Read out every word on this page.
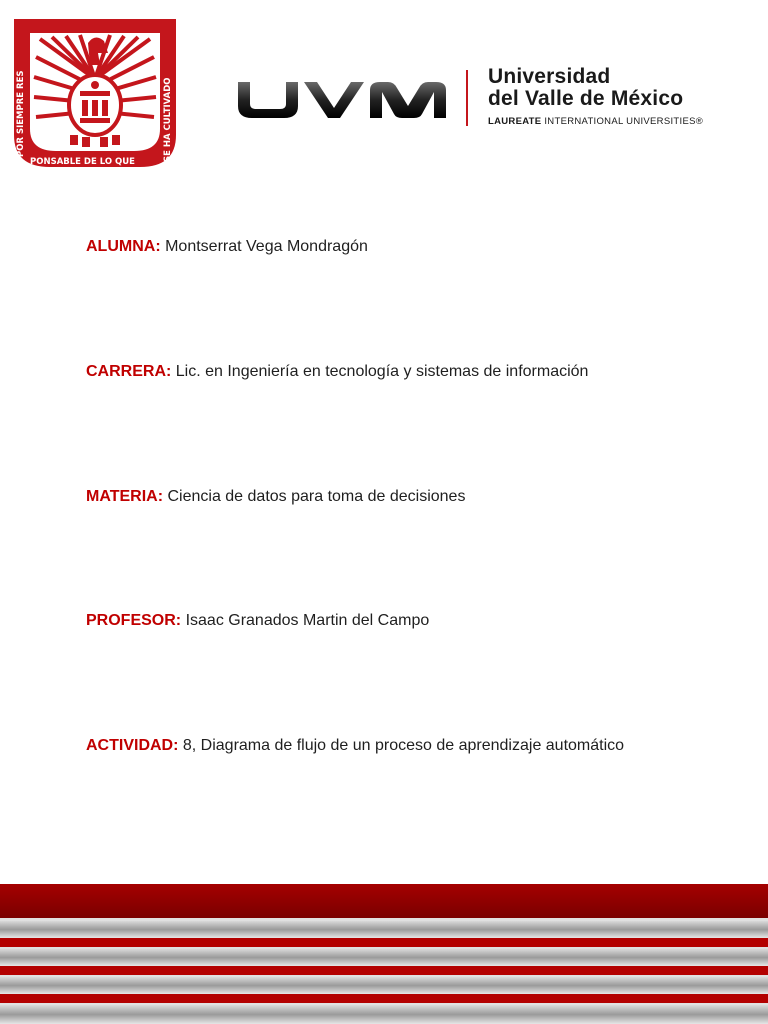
POR SIEMPRE RES
PONSABLE DE LO QUE	SE HA CULTIVADO
Universidad
del Valle de México
LAUREATE INTERNATIONAL UNIVERSITIES®
ALUMNA: Montserrat Vega Mondragón
CARRERA: Lic. en Ingeniería en tecnología y sistemas de información
MATERIA: Ciencia de datos para toma de decisiones
PROFESOR: Isaac Granados Martin del Campo
ACTIVIDAD: 8, Diagrama de flujo de un proceso de aprendizaje automático
